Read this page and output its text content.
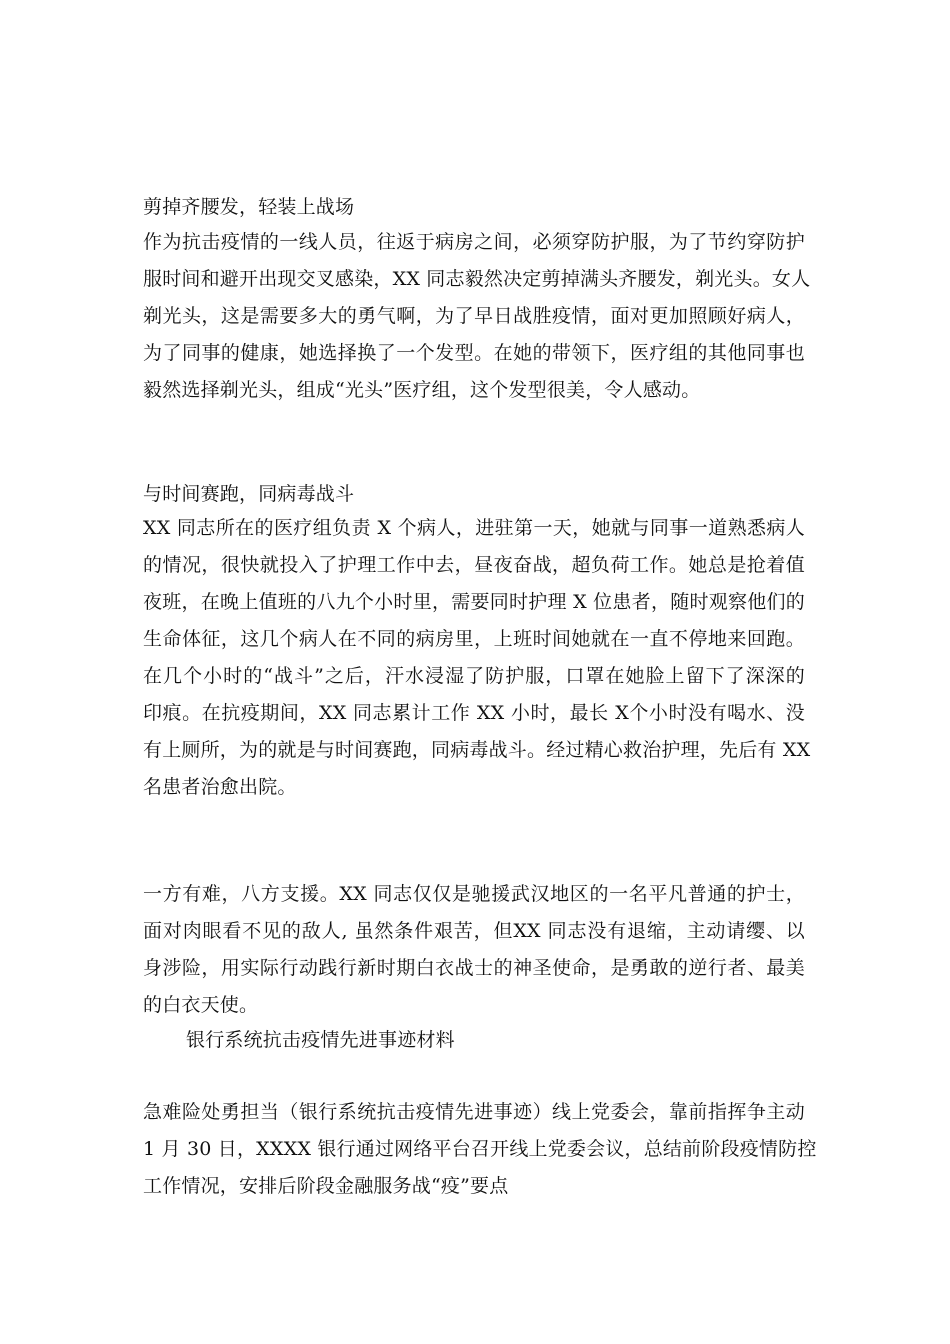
剪掉齐腰发，轻装上战场
作为抗击疫情的一线人员，往返于病房之间，必须穿防护服，为了节约穿防护
服时间和避开出现交叉感染，XX 同志毅然决定剪掉满头齐腰发，剃光头。女人
剃光头，这是需要多大的勇气啊，为了早日战胜疫情，面对更加照顾好病人，
为了同事的健康，她选择换了一个发型。在她的带领下，医疗组的其他同事也
毅然选择剃光头，组成“光头”医疗组，这个发型很美，令人感动。
与时间赛跑，同病毒战斗
XX 同志所在的医疗组负责 X 个病人，进驻第一天，她就与同事一道熟悉病人
的情况，很快就投入了护理工作中去，昼夜奋战，超负荷工作。她总是抢着值
夜班，在晚上值班的八九个小时里，需要同时护理 X 位患者，随时观察他们的
生命体征，这几个病人在不同的病房里，上班时间她就在一直不停地来回跑。
在几个小时的“战斗”之后，汗水浸湿了防护服，口罩在她脸上留下了深深的
印痕。在抗疫期间，XX 同志累计工作 XX 小时，最长 X个小时没有喝水、没
有上厕所，为的就是与时间赛跑，同病毒战斗。经过精心救治护理，先后有 XX
名患者治愈出院。
一方有难，八方支援。XX 同志仅仅是驰援武汉地区的一名平凡普通的护士，
面对肉眼看不见的敌人, 虽然条件艰苦，但XX 同志没有退缩，主动请缨、以
身涉险，用实际行动践行新时期白衣战士的神圣使命，是勇敢的逆行者、最美
的白衣天使。
银行系统抗击疫情先进事迹材料
急难险处勇担当（银行系统抗击疫情先进事迹）线上党委会，靠前指挥争主动
1 月 30 日，XXXX 银行通过网络平台召开线上党委会议，总结前阶段疫情防控
工作情况，安排后阶段金融服务战“疫”要点
